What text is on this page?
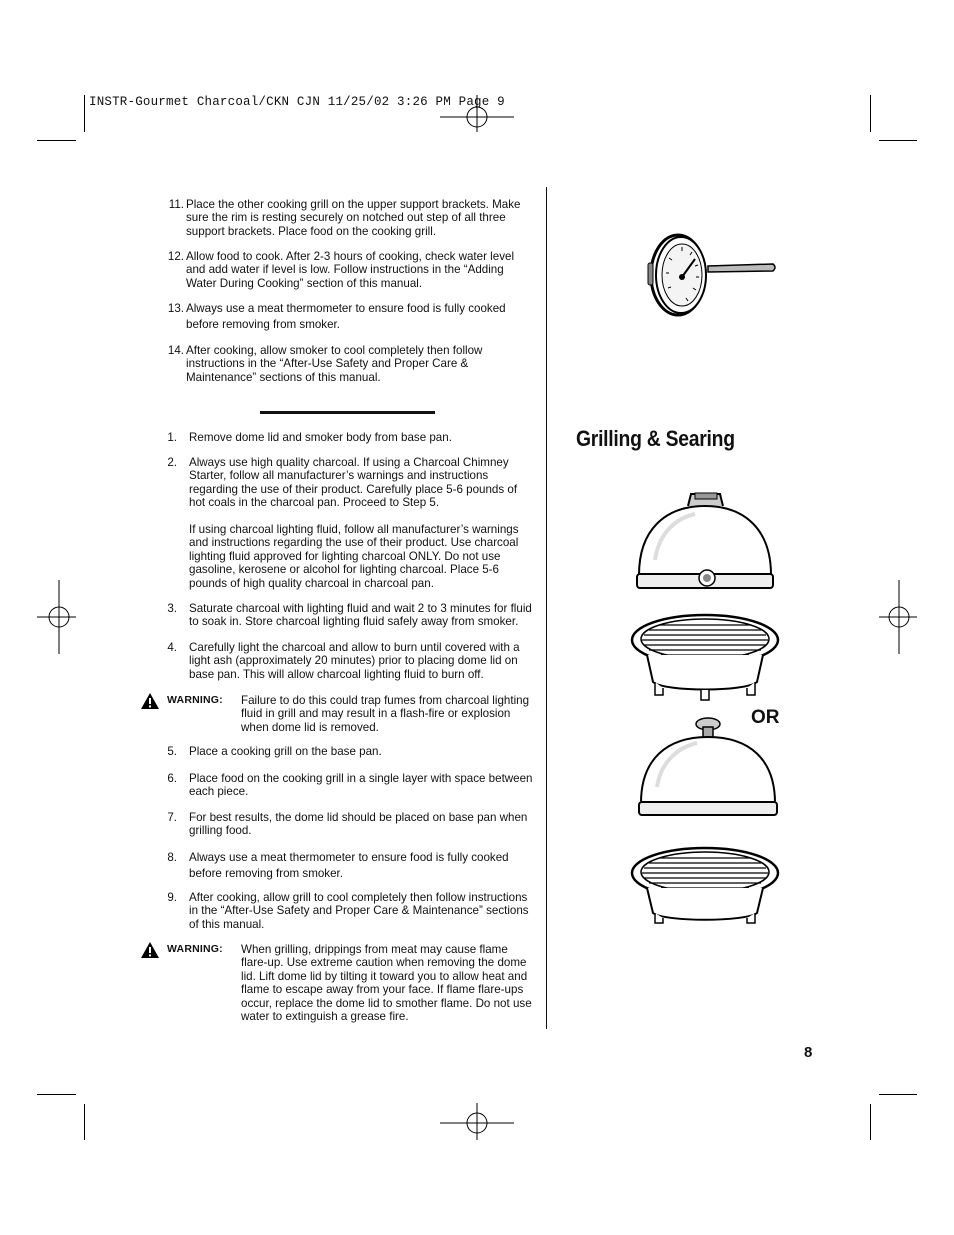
INSTR-Gourmet Charcoal/CKN CJN 11/25/02 3:26 PM Page 9
11. Place the other cooking grill on the upper support brackets. Make sure the rim is resting securely on notched out step of all three support brackets. Place food on the cooking grill.
12. Allow food to cook. After 2-3 hours of cooking, check water level and add water if level is low. Follow instructions in the “Adding Water During Cooking” section of this manual.
13. Always use a meat thermometer to ensure food is fully cooked before removing from smoker.
14. After cooking, allow smoker to cool completely then follow instructions in the “After-Use Safety and Proper Care & Maintenance” sections of this manual.
1. Remove dome lid and smoker body from base pan.
2. Always use high quality charcoal. If using a Charcoal Chimney Starter, follow all manufacturer’s warnings and instructions regarding the use of their product. Carefully place 5-6 pounds of hot coals in the charcoal pan. Proceed to Step 5.
If using charcoal lighting fluid, follow all manufacturer’s warnings and instructions regarding the use of their product. Use charcoal lighting fluid approved for lighting charcoal ONLY. Do not use gasoline, kerosene or alcohol for lighting charcoal. Place 5-6 pounds of high quality charcoal in charcoal pan.
3. Saturate charcoal with lighting fluid and wait 2 to 3 minutes for fluid to soak in. Store charcoal lighting fluid safely away from smoker.
4. Carefully light the charcoal and allow to burn until covered with a light ash (approximately 20 minutes) prior to placing dome lid on base pan. This will allow charcoal lighting fluid to burn off.
WARNING: Failure to do this could trap fumes from charcoal lighting fluid in grill and may result in a flash-fire or explosion when dome lid is removed.
5. Place a cooking grill on the base pan.
6. Place food on the cooking grill in a single layer with space between each piece.
7. For best results, the dome lid should be placed on base pan when grilling food.
8. Always use a meat thermometer to ensure food is fully cooked before removing from smoker.
9. After cooking, allow grill to cool completely then follow instructions in the “After-Use Safety and Proper Care & Maintenance” sections of this manual.
WARNING: When grilling, drippings from meat may cause flame flare-up. Use extreme caution when removing the dome lid. Lift dome lid by tilting it toward you to allow heat and flame to escape away from your face. If flame flare-ups occur, replace the dome lid to smother flame. Do not use water to extinguish a grease fire.
Grilling & Searing
OR
8
